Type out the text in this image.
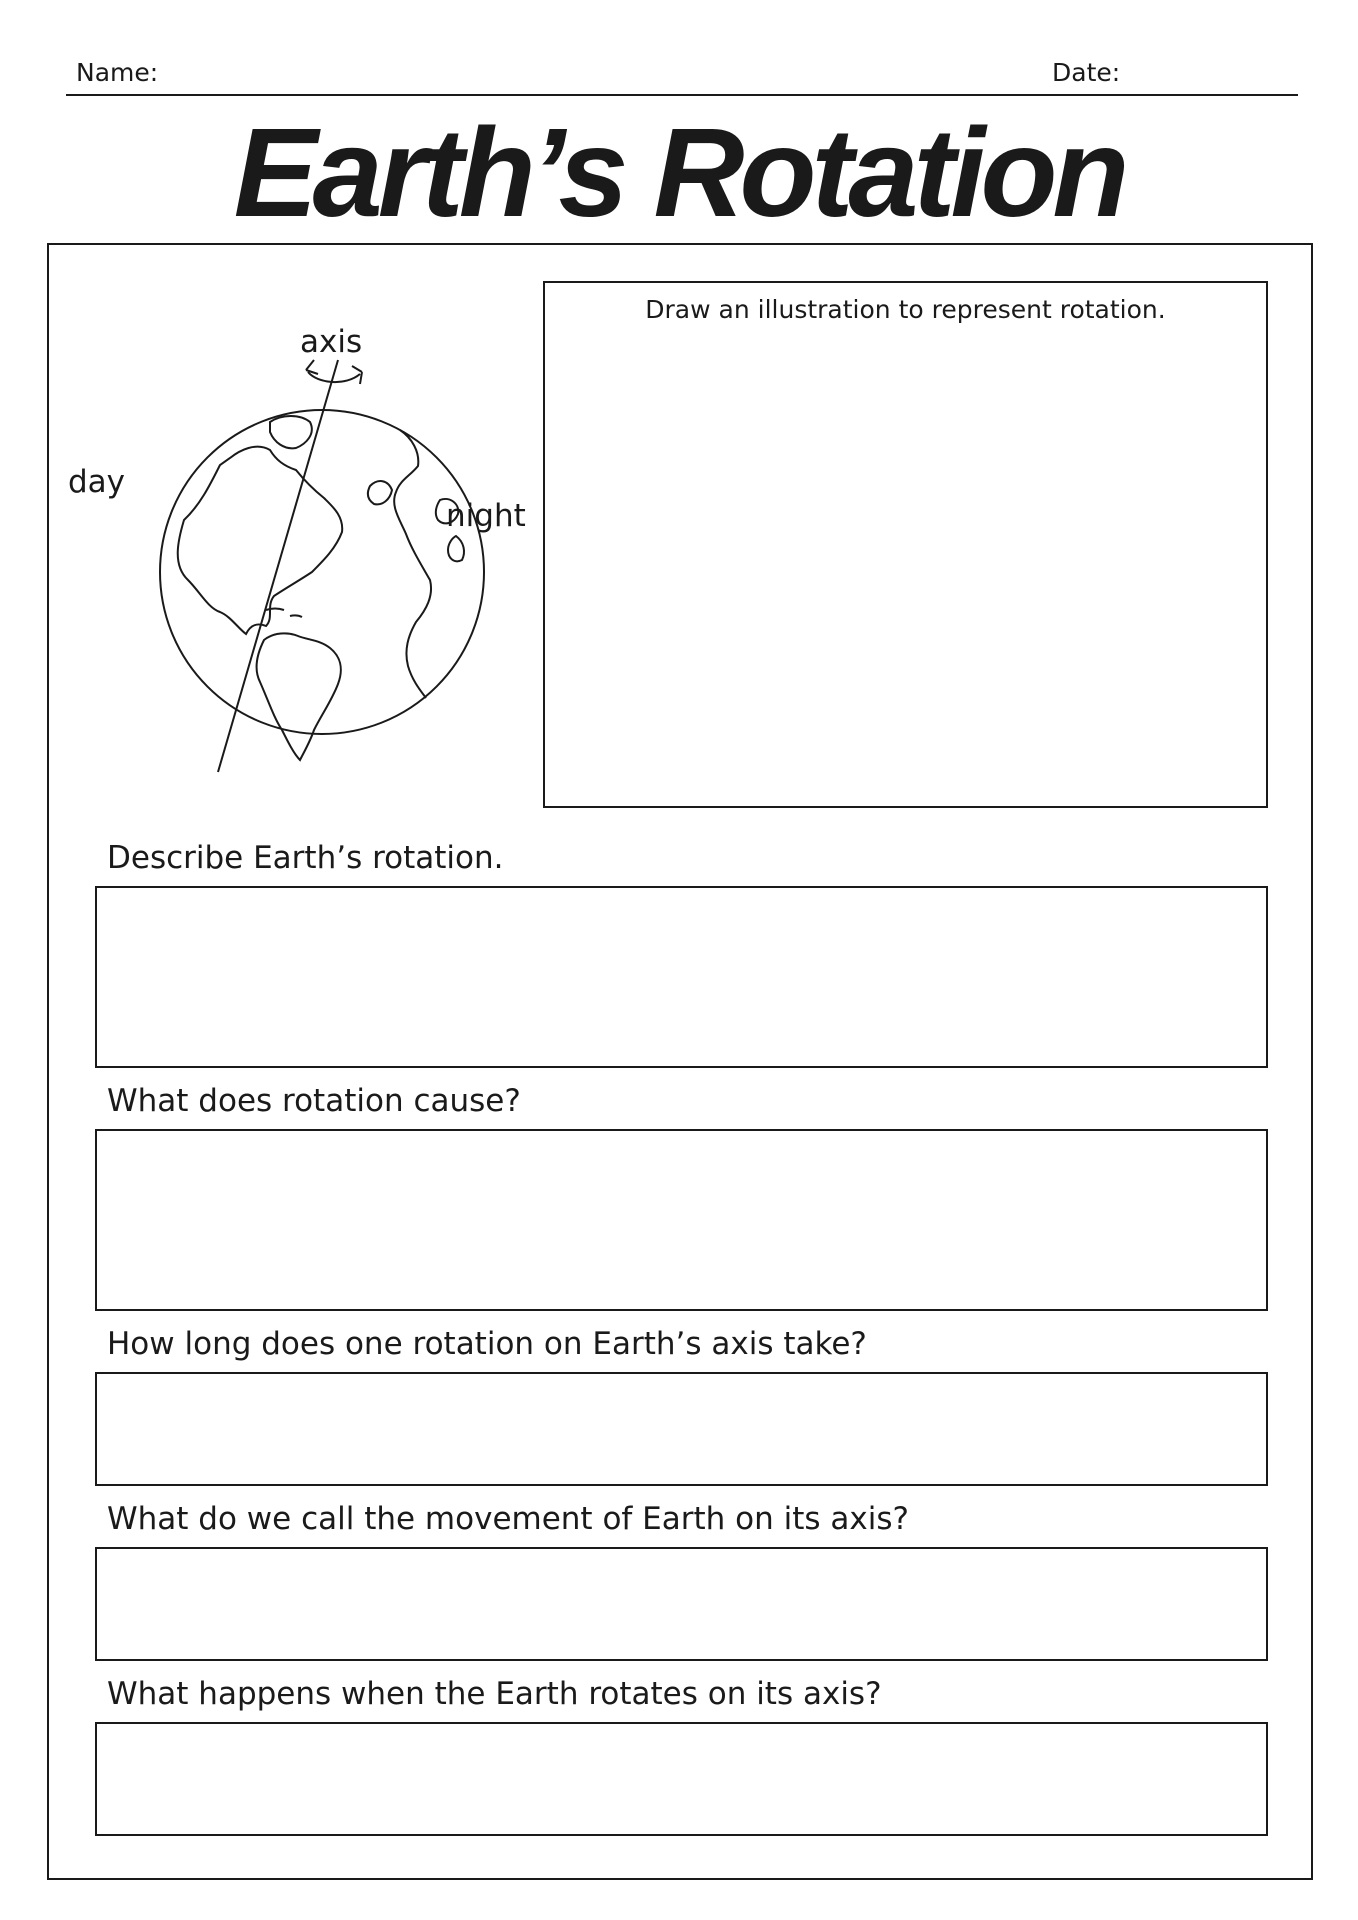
Name:	Date:
Earth’s Rotation
axis
day
night
Draw an illustration to represent rotation.
Describe Earth’s rotation.
What does rotation cause?
How long does one rotation on Earth’s axis take?
What do we call the movement of Earth on its axis?
What happens when the Earth rotates on its axis?
